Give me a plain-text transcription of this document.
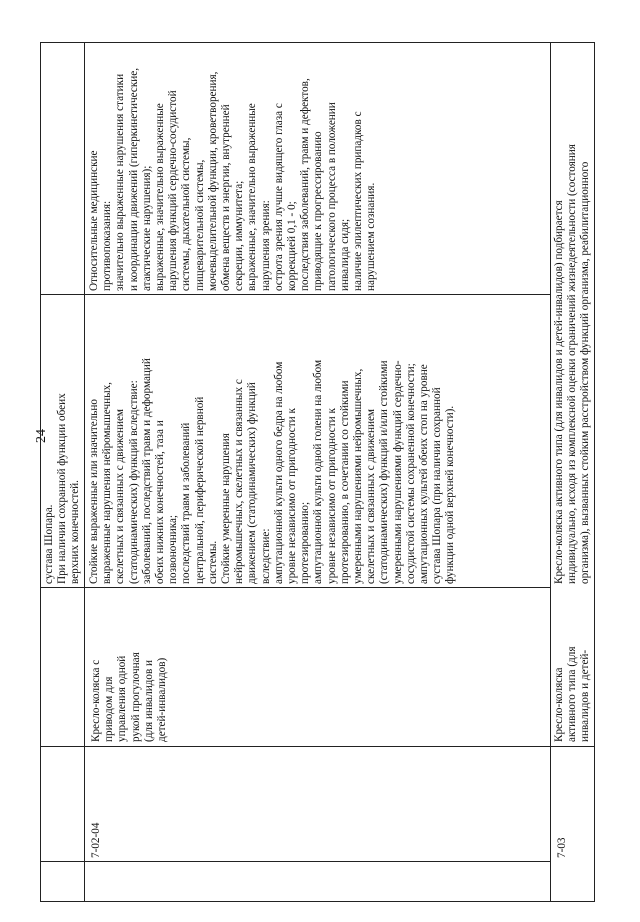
24
сустава Шопара.
При наличии сохранной функции обеих
верхних конечностей.
7-02-04
Кресло-коляска с
приводом для
управления одной
рукой прогулочная
(для инвалидов и
детей-инвалидов)
Стойкие выраженные или значительно
выраженные нарушения нейромышечных,
скелетных и связанных с движением
(статодинамических) функций вследствие:
заболеваний, последствий травм и деформаций
обеих нижних конечностей, таза и
позвоночника;
последствий травм и заболеваний
центральной, периферической нервной
системы.
Стойкие умеренные нарушения
нейромышечных, скелетных и связанных с
движением (статодинамических) функций
вследствие:
ампутационной культи одного бедра на любом
уровне независимо от пригодности к
протезированию;
ампутационной культи одной голени на любом
уровне независимо от пригодности к
протезированию, в сочетании со стойкими
умеренными нарушениями нейромышечных,
скелетных и связанных с движением
(статодинамических) функций и/или стойкими
умеренными нарушениями функций сердечно-
сосудистой системы сохраненной конечности;
ампутационных культей обеих стоп на уровне
сустава Шопара (при наличии сохранной
функции одной верхней конечности).
Относительные медицинские
противопоказания:
значительно выраженные нарушения статики
и координации движений (гиперкинетические,
атактические нарушения);
выраженные, значительно выраженные
нарушения функций сердечно-сосудистой
системы, дыхательной системы,
пищеварительной системы,
мочевыделительной функции, кроветворения,
обмена веществ и энергии, внутренней
секреции, иммунитета;
выраженные, значительно выраженные
нарушения зрения:
острота зрения лучше видящего глаза с
коррекцией 0,1 - 0;
последствия заболеваний, травм и дефектов,
приводящие к прогрессированию
патологического процесса в положении
инвалида сидя;
наличие эпилептических припадков с
нарушением сознания.
7-03
Кресло-коляска
активного типа (для
инвалидов и детей-
Кресло-коляска активного типа (для инвалидов и детей-инвалидов) подбирается
индивидуально, исходя из комплексной оценки ограничений жизнедеятельности (состояния
организма), вызванных стойким расстройством функций организма, реабилитационного
